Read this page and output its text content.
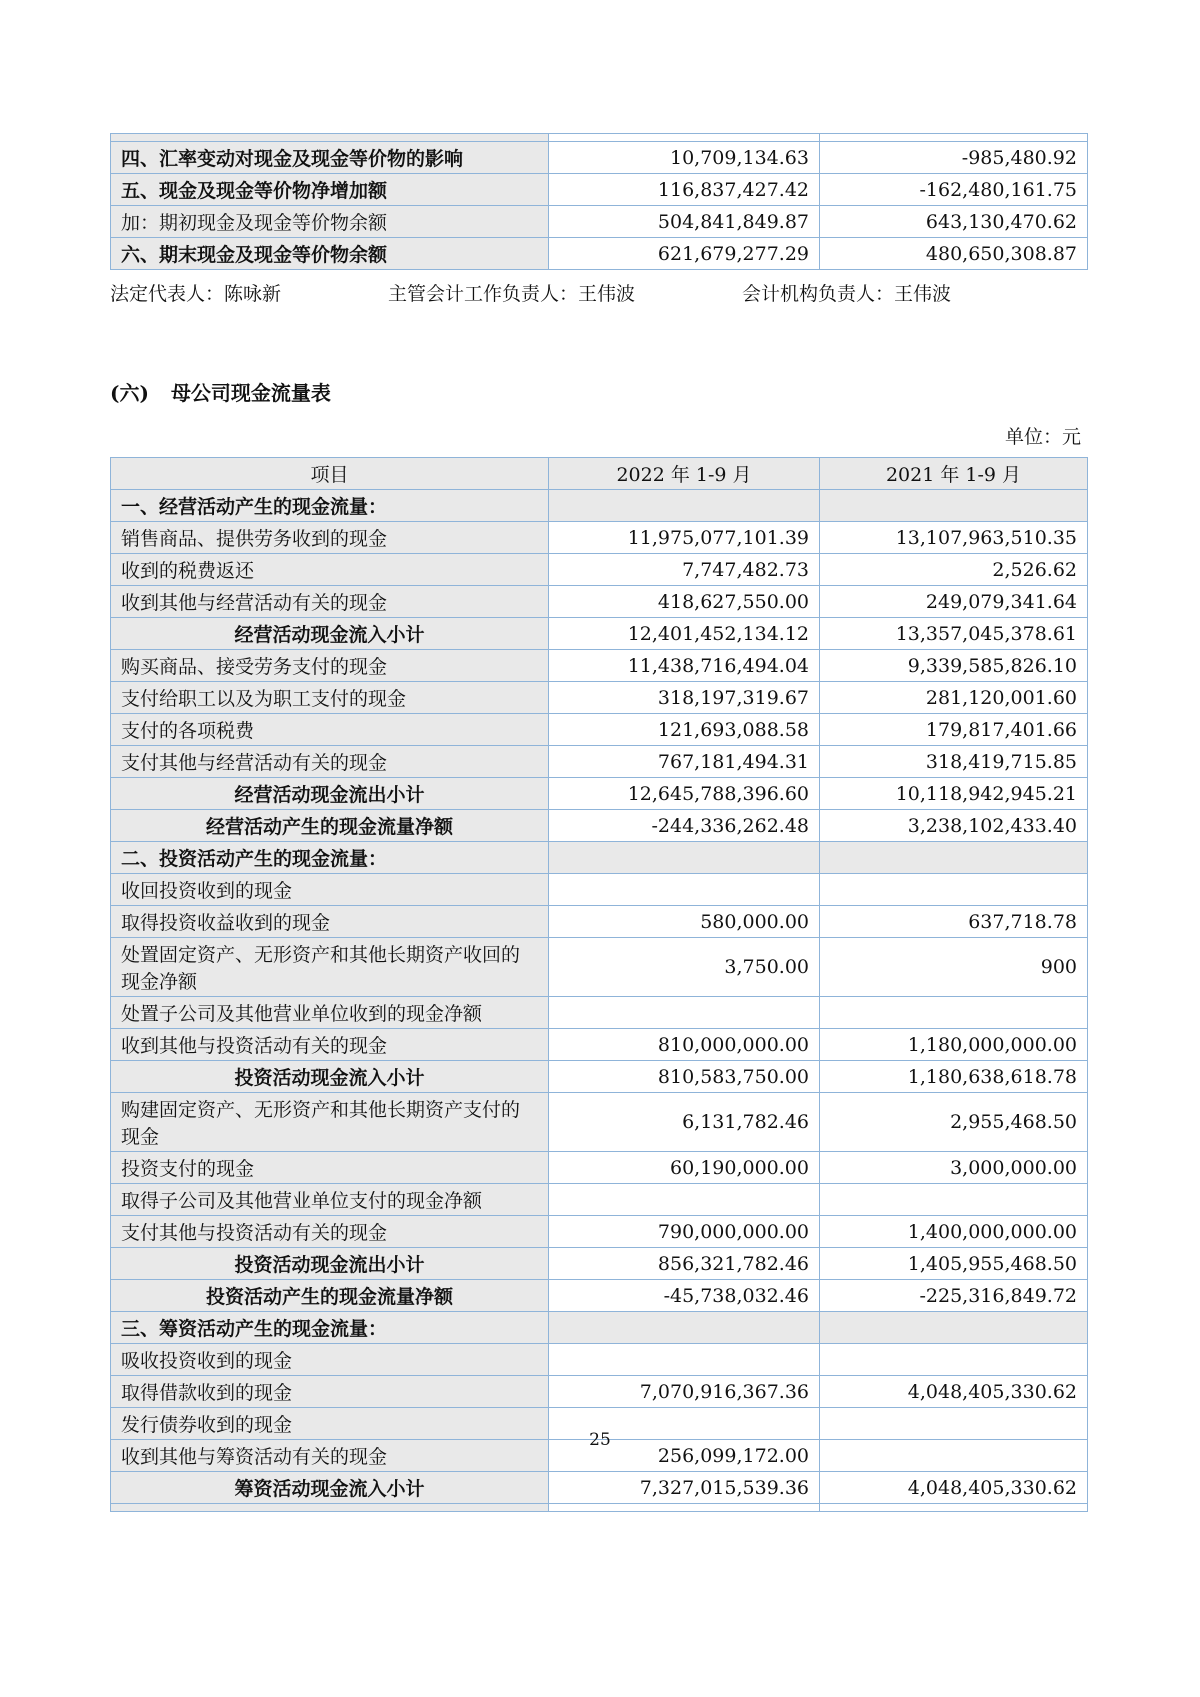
四、汇率变动对现金及现金等价物的影响	10,709,134.63	-985,480.92
五、现金及现金等价物净增加额	116,837,427.42	-162,480,161.75
加：期初现金及现金等价物余额	504,841,849.87	643,130,470.62
六、期末现金及现金等价物余额	621,679,277.29	480,650,308.87
法定代表人：陈咏新	主管会计工作负责人：王伟波	会计机构负责人：王伟波
(六) 母公司现金流量表
单位：元
项目	2022 年 1-9 月	2021 年 1-9 月
一、经营活动产生的现金流量：		
销售商品、提供劳务收到的现金	11,975,077,101.39	13,107,963,510.35
收到的税费返还	7,747,482.73	2,526.62
收到其他与经营活动有关的现金	418,627,550.00	249,079,341.64
经营活动现金流入小计	12,401,452,134.12	13,357,045,378.61
购买商品、接受劳务支付的现金	11,438,716,494.04	9,339,585,826.10
支付给职工以及为职工支付的现金	318,197,319.67	281,120,001.60
支付的各项税费	121,693,088.58	179,817,401.66
支付其他与经营活动有关的现金	767,181,494.31	318,419,715.85
经营活动现金流出小计	12,645,788,396.60	10,118,942,945.21
经营活动产生的现金流量净额	-244,336,262.48	3,238,102,433.40
二、投资活动产生的现金流量：		
收回投资收到的现金		
取得投资收益收到的现金	580,000.00	637,718.78
处置固定资产、无形资产和其他长期资产收回的现金净额	3,750.00	900
处置子公司及其他营业单位收到的现金净额		
收到其他与投资活动有关的现金	810,000,000.00	1,180,000,000.00
投资活动现金流入小计	810,583,750.00	1,180,638,618.78
购建固定资产、无形资产和其他长期资产支付的现金	6,131,782.46	2,955,468.50
投资支付的现金	60,190,000.00	3,000,000.00
取得子公司及其他营业单位支付的现金净额		
支付其他与投资活动有关的现金	790,000,000.00	1,400,000,000.00
投资活动现金流出小计	856,321,782.46	1,405,955,468.50
投资活动产生的现金流量净额	-45,738,032.46	-225,316,849.72
三、筹资活动产生的现金流量：		
吸收投资收到的现金		
取得借款收到的现金	7,070,916,367.36	4,048,405,330.62
发行债券收到的现金		
收到其他与筹资活动有关的现金	256,099,172.00	
筹资活动现金流入小计	7,327,015,539.36	4,048,405,330.62

25
